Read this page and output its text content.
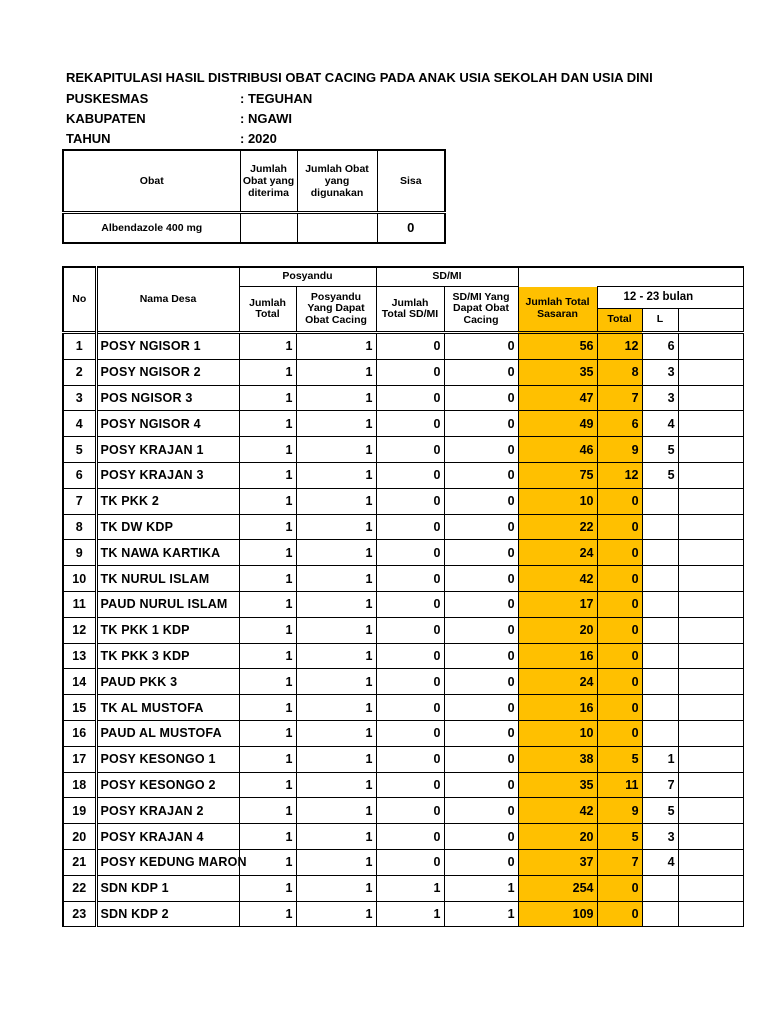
REKAPITULASI HASIL DISTRIBUSI OBAT CACING PADA ANAK USIA SEKOLAH DAN USIA DINI
PUSKESMAS	: TEGUHAN
KABUPATEN	: NGAWI
TAHUN	: 2020
Obat	Jumlah Obat yang diterima	Jumlah Obat yang digunakan	Sisa
Albendazole 400 mg			0
No	Nama Desa	Posyandu		SD/MI					
		Jumlah Total	Posyandu Yang Dapat Obat Cacing	Jumlah Total SD/MI	SD/MI Yang Dapat Obat Cacing	Jumlah Total Sasaran	12 - 23 bulan		
							Total	L	
1	POSY NGISOR 1	1	1	0	0	56	12	6	
2	POSY NGISOR 2	1	1	0	0	35	8	3	
3	POS NGISOR 3	1	1	0	0	47	7	3	
4	POSY NGISOR 4	1	1	0	0	49	6	4	
5	POSY KRAJAN 1	1	1	0	0	46	9	5	
6	POSY KRAJAN 3	1	1	0	0	75	12	5	
7	TK PKK 2	1	1	0	0	10	0		
8	TK DW KDP	1	1	0	0	22	0		
9	TK NAWA KARTIKA	1	1	0	0	24	0		
10	TK NURUL ISLAM	1	1	0	0	42	0		
11	PAUD NURUL ISLAM	1	1	0	0	17	0		
12	TK PKK 1 KDP	1	1	0	0	20	0		
13	TK PKK 3 KDP	1	1	0	0	16	0		
14	PAUD PKK 3	1	1	0	0	24	0		
15	TK AL MUSTOFA	1	1	0	0	16	0		
16	PAUD AL MUSTOFA	1	1	0	0	10	0		
17	POSY KESONGO 1	1	1	0	0	38	5	1	
18	POSY KESONGO 2	1	1	0	0	35	11	7	
19	POSY KRAJAN 2	1	1	0	0	42	9	5	
20	POSY KRAJAN 4	1	1	0	0	20	5	3	
21	POSY KEDUNG MARON	1	1	0	0	37	7	4	
22	SDN KDP 1	1	1	1	1	254	0		
23	SDN KDP 2	1	1	1	1	109	0		
